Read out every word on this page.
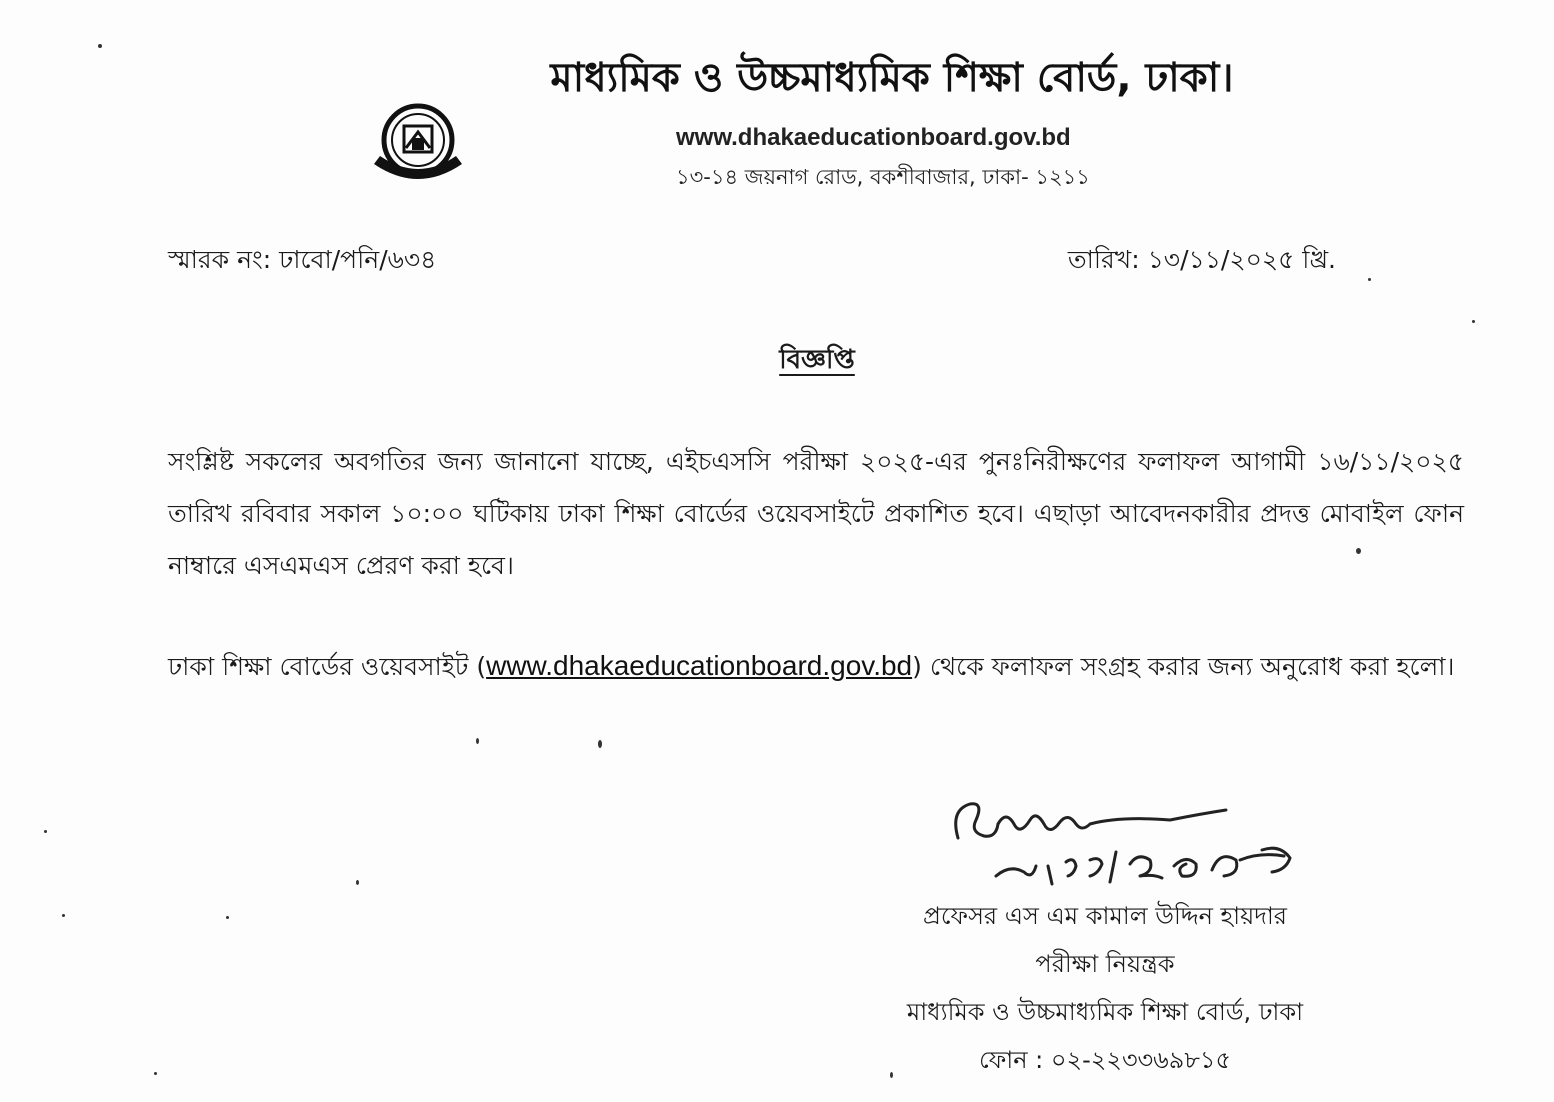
মাধ্যমিক ও উচ্চমাধ্যমিক শিক্ষা বোর্ড, ঢাকা।
www.dhakaeducationboard.gov.bd
১৩-১৪ জয়নাগ রোড, বকশীবাজার, ঢাকা- ১২১১
স্মারক নং: ঢাবো/পনি/৬৩৪	তারিখ: ১৩/১১/২০২৫ খ্রি.
বিজ্ঞপ্তি
সংশ্লিষ্ট সকলের অবগতির জন্য জানানো যাচ্ছে, এইচএসসি পরীক্ষা ২০২৫-এর পুনঃনিরীক্ষণের ফলাফল আগামী ১৬/১১/২০২৫ তারিখ রবিবার সকাল ১০:০০ ঘটিকায় ঢাকা শিক্ষা বোর্ডের ওয়েবসাইটে প্রকাশিত হবে। এছাড়া আবেদনকারীর প্রদত্ত মোবাইল ফোন নাম্বারে এসএমএস প্রেরণ করা হবে।
ঢাকা শিক্ষা বোর্ডের ওয়েবসাইট (www.dhakaeducationboard.gov.bd) থেকে ফলাফল সংগ্রহ করার জন্য অনুরোধ করা হলো।
প্রফেসর এস এম কামাল উদ্দিন হায়দার
পরীক্ষা নিয়ন্ত্রক
মাধ্যমিক ও উচ্চমাধ্যমিক শিক্ষা বোর্ড, ঢাকা
ফোন : ০২-২২৩৩৬৯৮১৫
